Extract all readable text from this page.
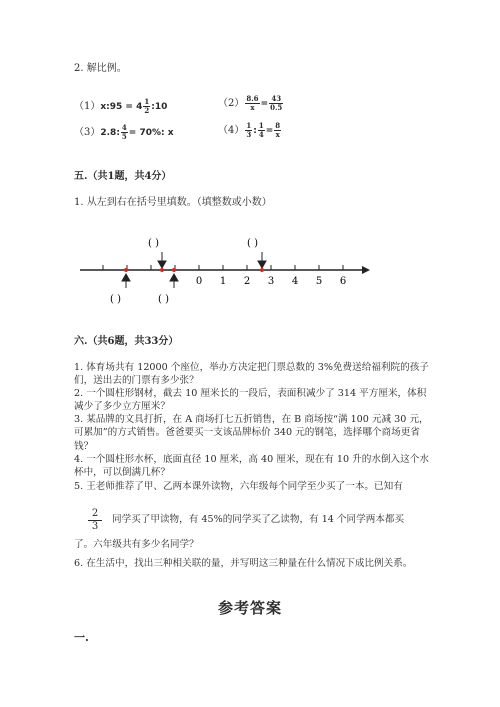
2. 解比例。
（1）x:95 = $4 \frac{1}{2}$ :10	$(2) \frac{8.6}{x} = \frac{43}{0.5}$
（3）2.8: $\frac{4}{5} = 70\%$: x	$(4) \frac{1}{3}$ : $\frac{1}{4} = \frac{8}{x}$
五.（共1题，共4分）
1. 从左到右在括号里填数。（填整数或小数）
( )	( )
0 1 2 3 4 5 6
( )	( )
六.（共6题，共33分）
1. 体育场共有 12000 个座位，举办方决定把门票总数的 3%免费送给福利院的孩子们，送出去的门票有多少张？
2. 一个圆柱形钢材，截去 10 厘米长的一段后，表面积减少了 314 平方厘米，体积减少了多少立方厘米？
3. 某品牌的文具打折，在 A 商场打七五折销售，在 B 商场按“满 100 元减 30 元，可累加”的方式销售。爸爸要买一支该品牌标价 340 元的钢笔，选择哪个商场更省钱？
4. 一个圆柱形水杯，底面直径 10 厘米，高 40 厘米，现在有 10 升的水倒入这个水杯中，可以倒满几杯？
5. 王老师推荐了甲、乙两本课外读物，六年级每个同学至少买了一本。已知有
2
3
同学买了甲读物，有 45%的同学买了乙读物，有 14 个同学两本都买
了。六年级共有多少名同学？
6. 在生活中，找出三种相关联的量，并写明这三种量在什么情况下成比例关系。
参考答案
一.
